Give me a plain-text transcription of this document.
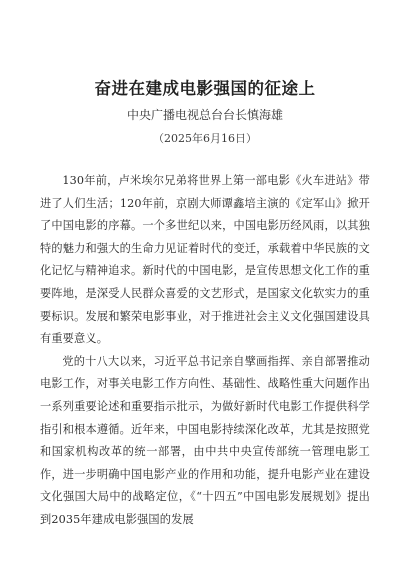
奋进在建成电影强国的征途上
中央广播电视总台台长慎海雄
（2025年6月16日）

130年前，卢米埃尔兄弟将世界上第一部电影《火车进站》带进了人们生活；120年前，京剧大师谭鑫培主演的《定军山》掀开了中国电影的序幕。一个多世纪以来，中国电影历经风雨，以其独特的魅力和强大的生命力见证着时代的变迁，承载着中华民族的文化记忆与精神追求。新时代的中国电影，是宣传思想文化工作的重要阵地，是深受人民群众喜爱的文艺形式，是国家文化软实力的重要标识。发展和繁荣电影事业，对于推进社会主义文化强国建设具有重要意义。

党的十八大以来，习近平总书记亲自擘画指挥、亲自部署推动电影工作，对事关电影工作方向性、基础性、战略性重大问题作出一系列重要论述和重要指示批示，为做好新时代电影工作提供科学指引和根本遵循。近年来，中国电影持续深化改革，尤其是按照党和国家机构改革的统一部署，由中共中央宣传部统一管理电影工作，进一步明确中国电影产业的作用和功能，提升电影产业在建设文化强国大局中的战略定位，《“十四五”中国电影发展规划》提出到2035年建成电影强国的发展
